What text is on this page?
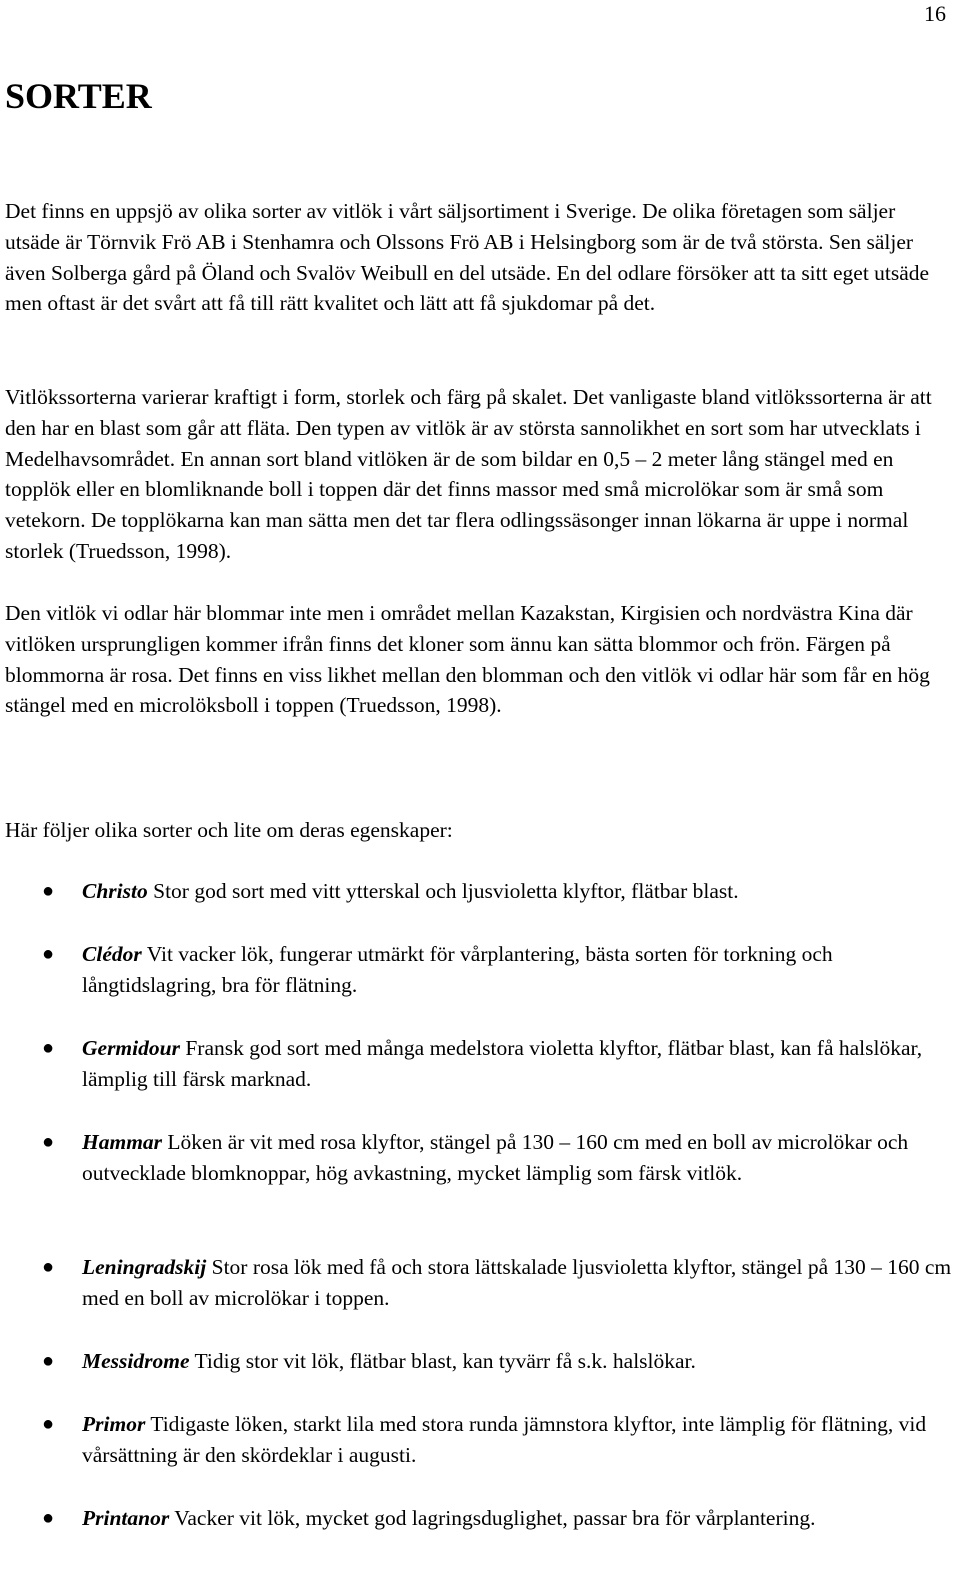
16
SORTER

Det finns en uppsjö av olika sorter av vitlök i vårt säljsortiment i Sverige. De olika företagen som säljer utsäde är Törnvik Frö AB i Stenhamra och Olssons Frö AB i Helsingborg som är de två största. Sen säljer även Solberga gård på Öland och Svalöv Weibull en del utsäde. En del odlare försöker att ta sitt eget utsäde men oftast är det svårt att få till rätt kvalitet och lätt att få sjukdomar på det.

Vitlökssorterna varierar kraftigt i form, storlek och färg på skalet. Det vanligaste bland vitlökssorterna är att den har en blast som går att fläta. Den typen av vitlök är av största sannolikhet en sort som har utvecklats i Medelhavsområdet. En annan sort bland vitlöken är de som bildar en 0,5 – 2 meter lång stängel med en topplök eller en blomliknande boll i toppen där det finns massor med små microlökar som är små som vetekorn. De topplökarna kan man sätta men det tar flera odlingssäsonger innan lökarna är uppe i normal storlek (Truedsson, 1998).

Den vitlök vi odlar här blommar inte men i området mellan Kazakstan, Kirgisien och nordvästra Kina där vitlöken ursprungligen kommer ifrån finns det kloner som ännu kan sätta blommor och frön. Färgen på blommorna är rosa. Det finns en viss likhet mellan den blomman och den vitlök vi odlar här som får en hög stängel med en microlöksboll i toppen (Truedsson, 1998).

Här följer olika sorter och lite om deras egenskaper:
● Christo Stor god sort med vitt ytterskal och ljusvioletta klyftor, flätbar blast.
● Clédor Vit vacker lök, fungerar utmärkt för vårplantering, bästa sorten för torkning och långtidslagring, bra för flätning.
● Germidour Fransk god sort med många medelstora violetta klyftor, flätbar blast, kan få halslökar, lämplig till färsk marknad.
● Hammar Löken är vit med rosa klyftor, stängel på 130 – 160 cm med en boll av microlökar och outvecklade blomknoppar, hög avkastning, mycket lämplig som färsk vitlök.
● Leningradskij Stor rosa lök med få och stora lättskalade ljusvioletta klyftor, stängel på 130 – 160 cm med en boll av microlökar i toppen.
● Messidrome Tidig stor vit lök, flätbar blast, kan tyvärr få s.k. halslökar.
● Primor Tidigaste löken, starkt lila med stora runda jämnstora klyftor, inte lämplig för flätning, vid vårsättning är den skördeklar i augusti.
● Printanor Vacker vit lök, mycket god lagringsduglighet, passar bra för vårplantering.
